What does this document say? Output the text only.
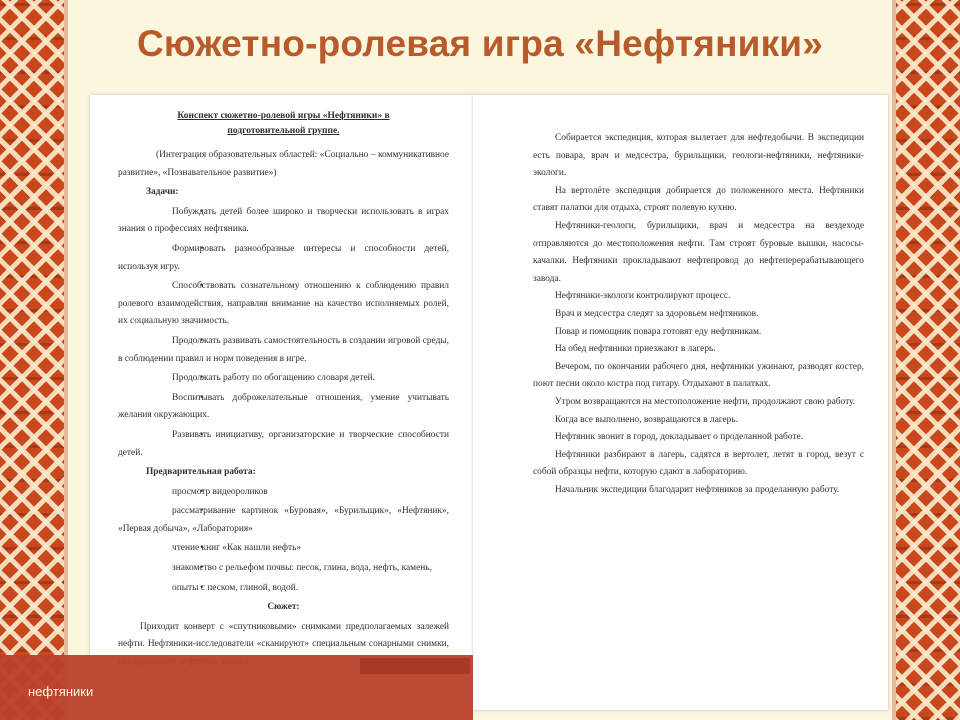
Сюжетно-ролевая игра «Нефтяники»
Конспект сюжетно-ролевой игры «Нефтяники» в
подготовительной группе.
(Интеграция образовательных областей: «Социально – коммуникативное развитие», «Познавательное развитие»)
Задачи:
• Побуждать детей более широко и творчески использовать в играх знания о профессиях нефтяника.
• Формировать разнообразные интересы и способности детей, используя игру.
• Способствовать сознательному отношению к соблюдению правил ролевого взаимодействия, направляя внимание на качество исполняемых ролей, их социальную значимость.
• Продолжать развивать самостоятельность в создании игровой среды, в соблюдении правил и норм поведения в игре.
• Продолжать работу по обогащению словаря детей.
• Воспитывать доброжелательные отношения, умение учитывать желания окружающих.
• Развивать инициативу, организаторские и творческие способности детей.
Предварительная работа:
• просмотр видеороликов
• рассматривание картинок «Буровая», «Бурильщик», «Нефтяник», «Первая добыча», «Лаборатория»
• чтение книг «Как нашли нефть»
• знакомство с рельефом почвы: песок, глина, вода, нефть, камень,
• опыты с песком, глиной, водой.
Сюжет:
Приходит конверт с «спутниковыми» снимками предполагаемых залежей нефти. Нефтяники-исследователи «сканируют» специальным сонарными снимки,
Собирается экспедиция, которая вылетает для нефтедобычи. В экспедиции есть повара, врач и медсестра, бурильщики, геологи-нефтяники, нефтяники-экологи.
На вертолёте экспедиция добирается до положенного места. Нефтяники ставят палатки для отдыха, строят полевую кухню.
Нефтяники-геологи, бурильщики, врач и медсестра на вездеходе отправляются до местоположения нефти. Там строят буровые вышки, насосы-качалки. Нефтяники прокладывают нефтепровод до нефтеперерабатывающего завода.
Нефтяники-экологи контролируют процесс.
Врач и медсестра следят за здоровьем нефтяников.
Повар и помощник повара готовят еду нефтяникам.
На обед нефтяники приезжают в лагерь.
Вечером, по окончании рабочего дня, нефтяники ужинают, разводят костер, поют песни около костра под гитару. Отдыхают в палатках.
Утром возвращаются на местоположение нефти, продолжают свою работу.
Когда все выполнено, возвращаются в лагерь.
Нефтяник звонит в город, докладывает о проделанной работе.
Нефтяники разбирают в лагерь, садятся в вертолет, летят в город, везут с собой образцы нефти, которую сдают в лабораторию.
Начальник экспедиции благодарит нефтяников за проделанную работу.
нефтяники
